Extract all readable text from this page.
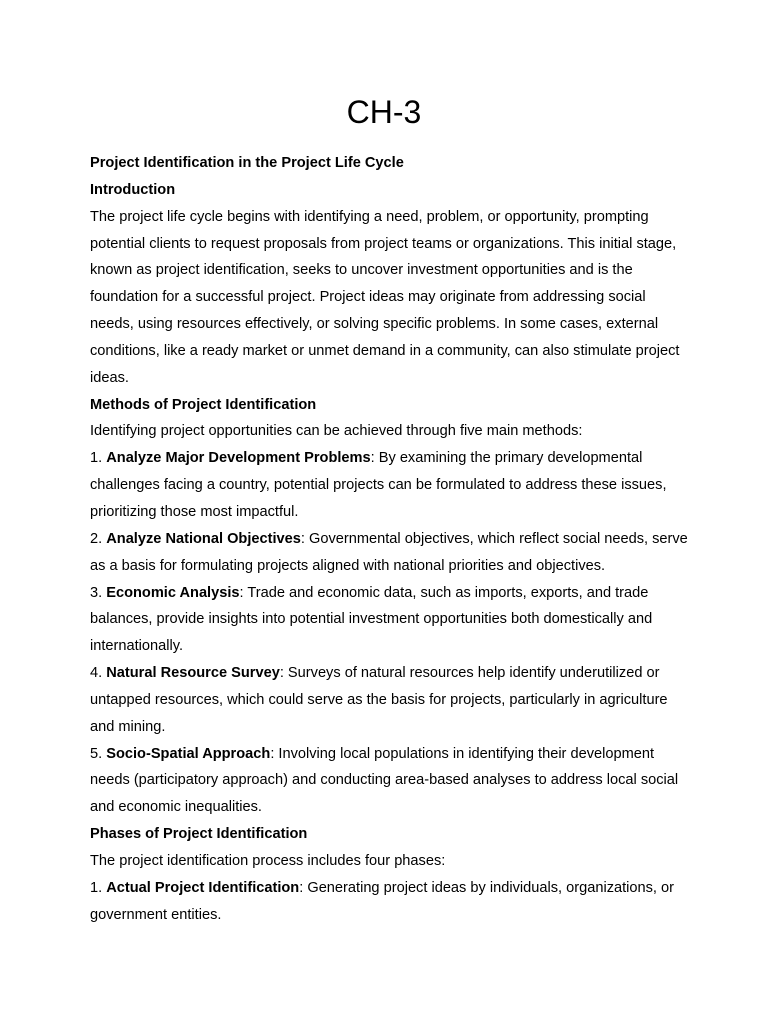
CH-3

Project Identification in the Project Life Cycle

Introduction

The project life cycle begins with identifying a need, problem, or opportunity, prompting potential clients to request proposals from project teams or organizations. This initial stage, known as project identification, seeks to uncover investment opportunities and is the foundation for a successful project. Project ideas may originate from addressing social needs, using resources effectively, or solving specific problems. In some cases, external conditions, like a ready market or unmet demand in a community, can also stimulate project ideas.

Methods of Project Identification

Identifying project opportunities can be achieved through five main methods:

1. Analyze Major Development Problems: By examining the primary developmental challenges facing a country, potential projects can be formulated to address these issues, prioritizing those most impactful.

2. Analyze National Objectives: Governmental objectives, which reflect social needs, serve as a basis for formulating projects aligned with national priorities and objectives.

3. Economic Analysis: Trade and economic data, such as imports, exports, and trade balances, provide insights into potential investment opportunities both domestically and internationally.

4. Natural Resource Survey: Surveys of natural resources help identify underutilized or untapped resources, which could serve as the basis for projects, particularly in agriculture and mining.

5. Socio-Spatial Approach: Involving local populations in identifying their development needs (participatory approach) and conducting area-based analyses to address local social and economic inequalities.

Phases of Project Identification

The project identification process includes four phases:

1. Actual Project Identification: Generating project ideas by individuals, organizations, or government entities.
